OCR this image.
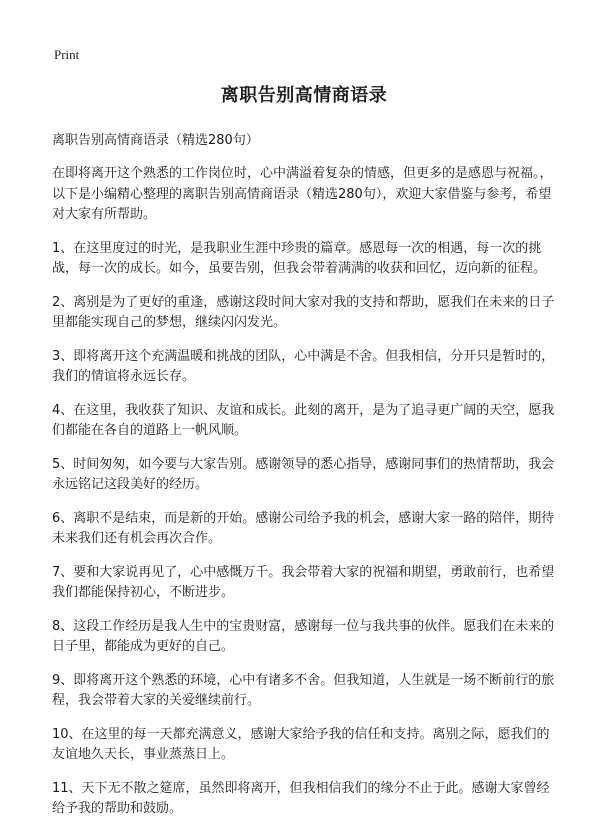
Print
离职告别高情商语录

离职告别高情商语录（精选280句）

在即将离开这个熟悉的工作岗位时，心中满溢着复杂的情感，但更多的是感恩与祝福。，以下是小编精心整理的离职告别高情商语录（精选280句），欢迎大家借鉴与参考，希望对大家有所帮助。

1、在这里度过的时光，是我职业生涯中珍贵的篇章。感恩每一次的相遇，每一次的挑战，每一次的成长。如今，虽要告别，但我会带着满满的收获和回忆，迈向新的征程。

2、离别是为了更好的重逢，感谢这段时间大家对我的支持和帮助，愿我们在未来的日子里都能实现自己的梦想，继续闪闪发光。

3、即将离开这个充满温暖和挑战的团队，心中满是不舍。但我相信，分开只是暂时的，我们的情谊将永远长存。

4、在这里，我收获了知识、友谊和成长。此刻的离开，是为了追寻更广阔的天空，愿我们都能在各自的道路上一帆风顺。

5、时间匆匆，如今要与大家告别。感谢领导的悉心指导，感谢同事们的热情帮助，我会永远铭记这段美好的经历。

6、离职不是结束，而是新的开始。感谢公司给予我的机会，感谢大家一路的陪伴，期待未来我们还有机会再次合作。

7、要和大家说再见了，心中感慨万千。我会带着大家的祝福和期望，勇敢前行，也希望我们都能保持初心，不断进步。

8、这段工作经历是我人生中的宝贵财富，感谢每一位与我共事的伙伴。愿我们在未来的日子里，都能成为更好的自己。

9、即将离开这个熟悉的环境，心中有诸多不舍。但我知道，人生就是一场不断前行的旅程，我会带着大家的关爱继续前行。

10、在这里的每一天都充满意义，感谢大家给予我的信任和支持。离别之际，愿我们的友谊地久天长，事业蒸蒸日上。

11、天下无不散之筵席，虽然即将离开，但我相信我们的缘分不止于此。感谢大家曾经给予我的帮助和鼓励。
